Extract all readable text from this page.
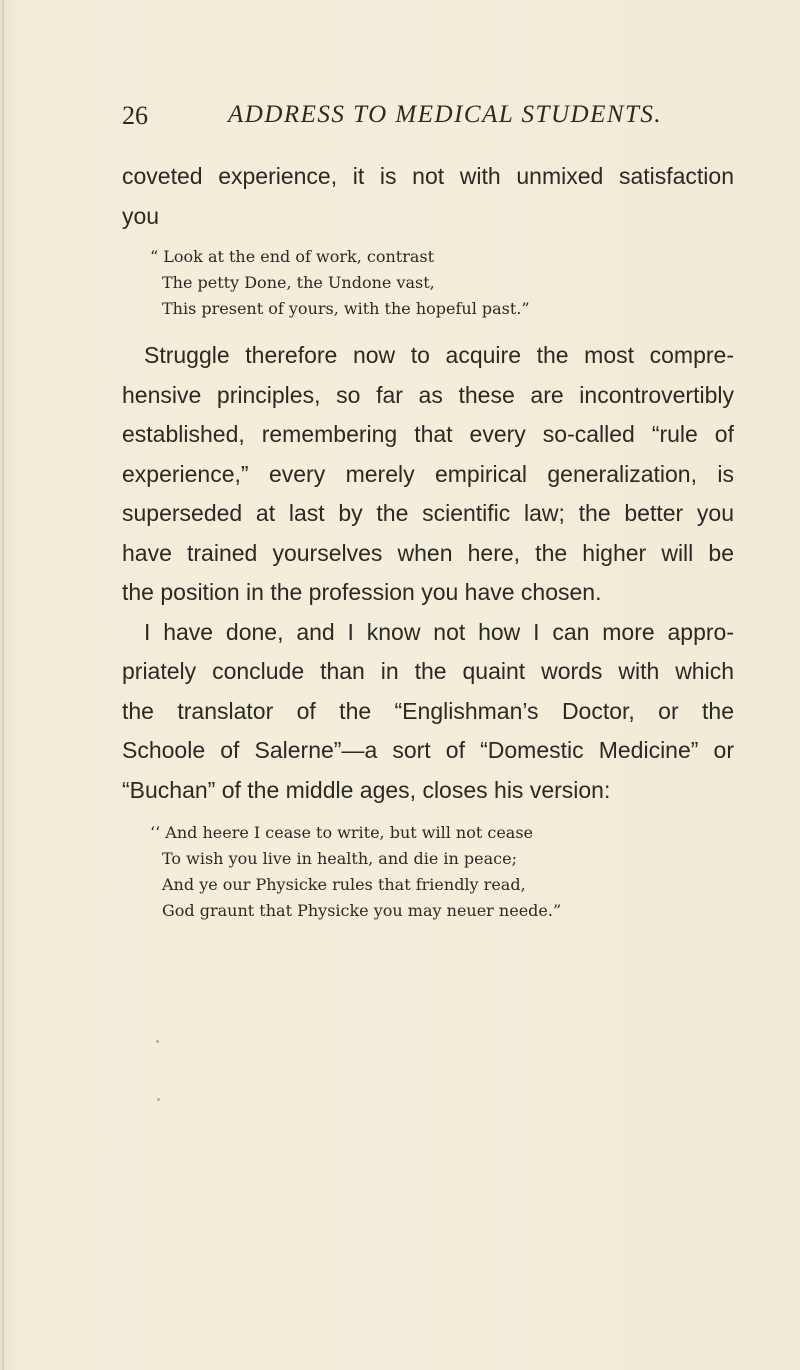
26	ADDRESS TO MEDICAL STUDENTS.
coveted experience, it is not with unmixed satisfaction
you
“ Look at the end of work, contrast
The petty Done, the Undone vast,
This present of yours, with the hopeful past.”
Struggle therefore now to acquire the most compre-
hensive principles, so far as these are incontrovertibly
established, remembering that every so-called “rule of
experience,” every merely empirical generalization, is
superseded at last by the scientific law; the better you
have trained yourselves when here, the higher will be
the position in the profession you have chosen.
I have done, and I know not how I can more appro-
priately conclude than in the quaint words with which
the translator of the “Englishman’s Doctor, or the
Schoole of Salerne”—a sort of “Domestic Medicine” or
“Buchan” of the middle ages, closes his version:
‘‘ And heere I cease to write, but will not cease
To wish you live in health, and die in peace;
And ye our Physicke rules that friendly read,
God graunt that Physicke you may neuer neede.”
